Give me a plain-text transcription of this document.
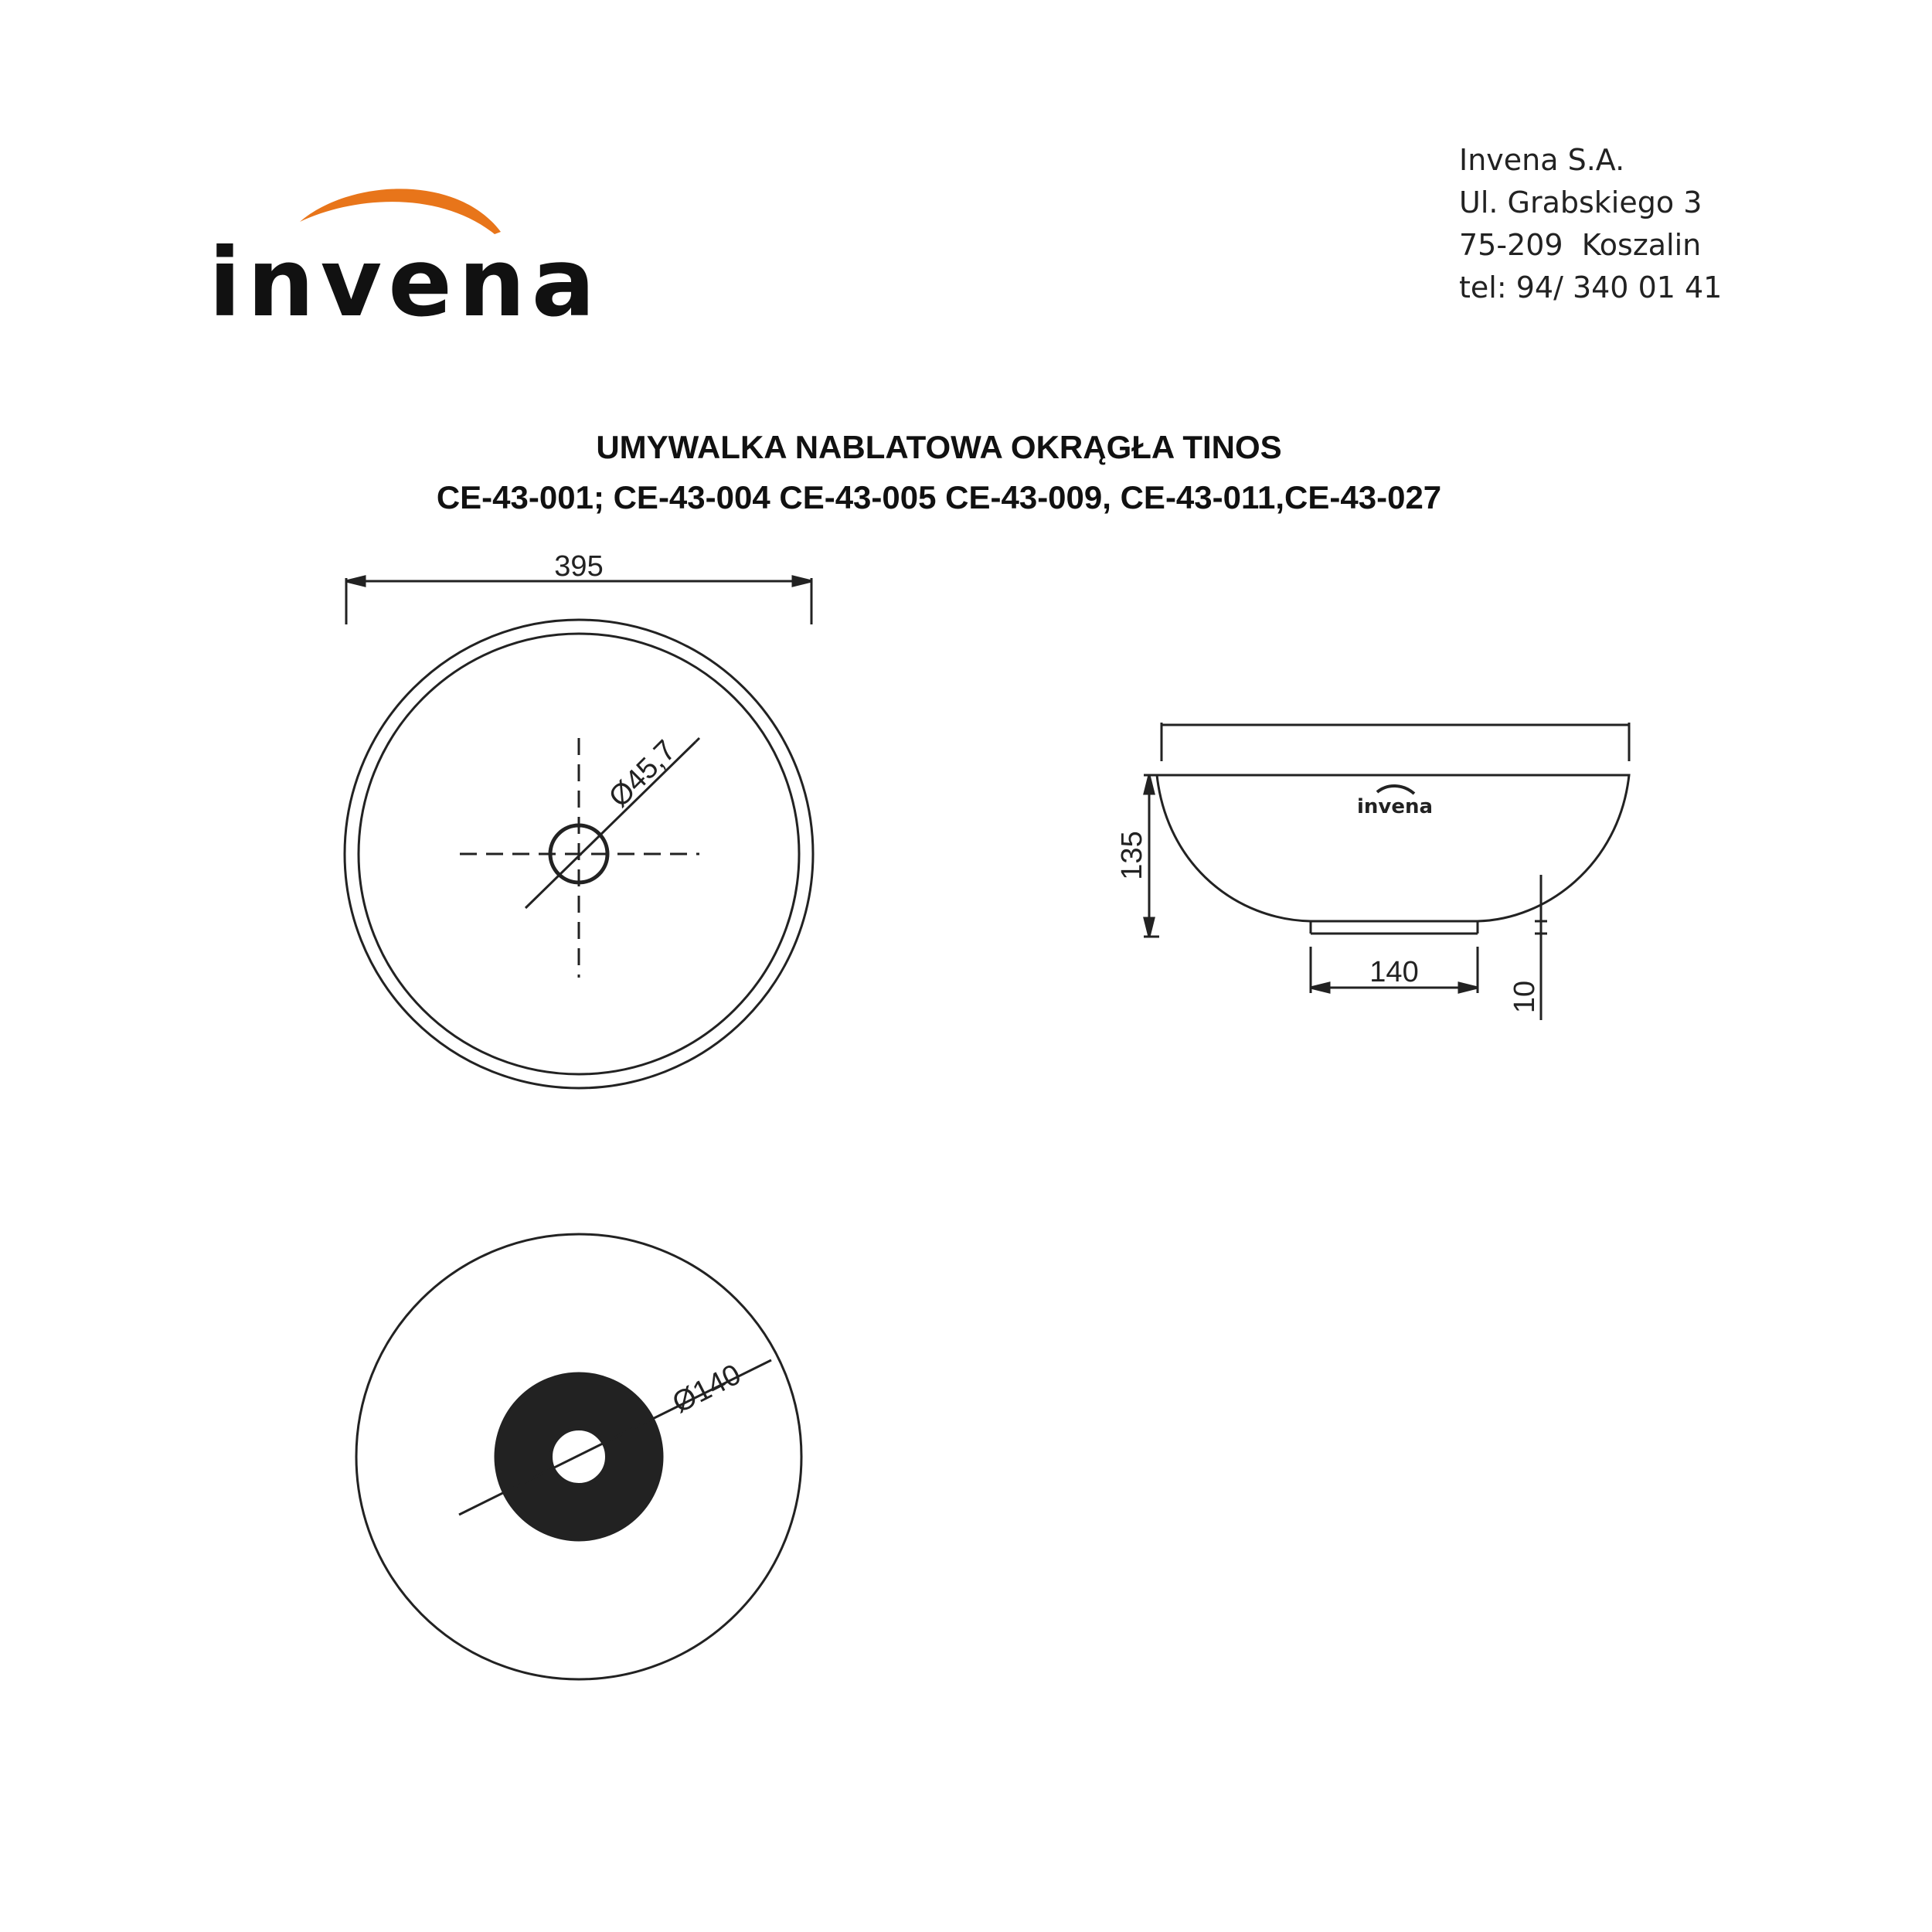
invena
Invena S.A.
Ul. Grabskiego 3
75-209  Koszalin
tel: 94/ 340 01 41
UMYWALKA NABLATOWA OKRĄGŁA TINOS
CE-43-001; CE-43-004 CE-43-005 CE-43-009, CE-43-011,CE-43-027
395
Ø45,7
135
140
10
Ø140
invena
